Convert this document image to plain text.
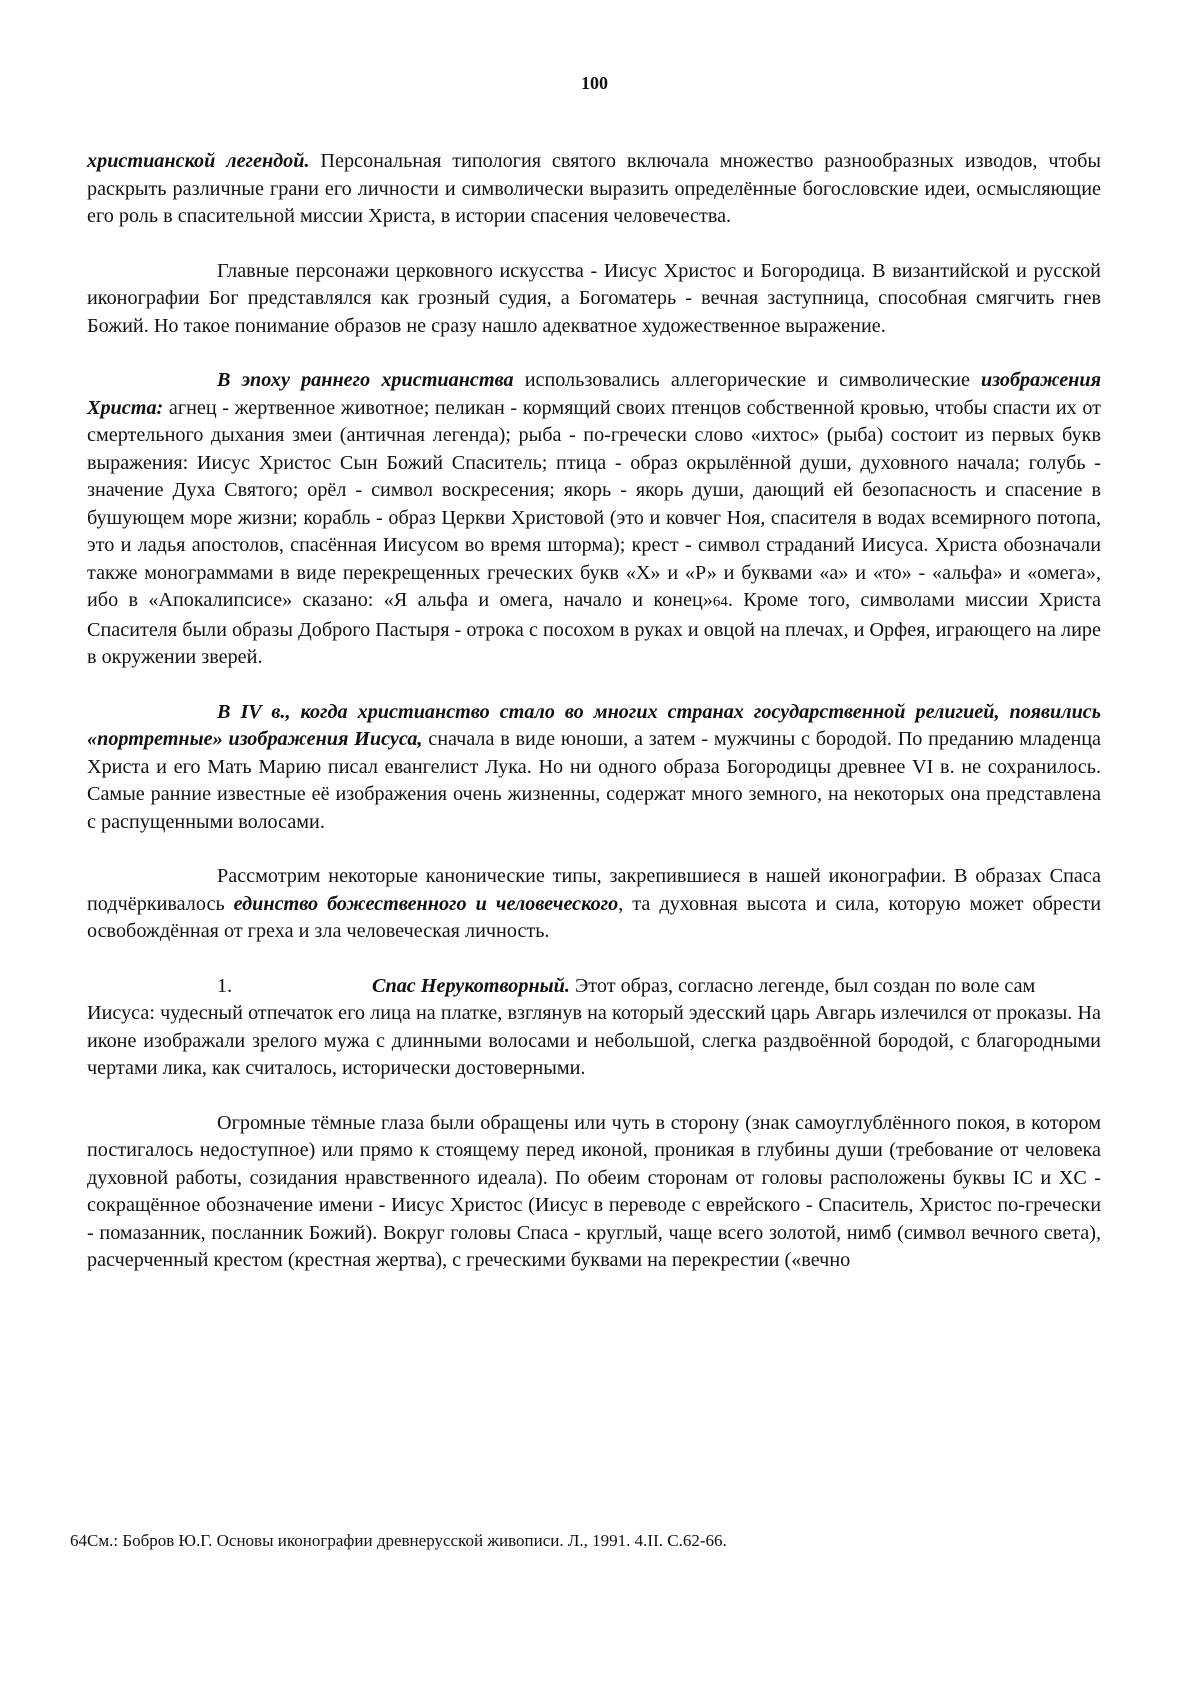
100

христианской легендой. Персональная типология святого включала множество разнообразных изводов, чтобы раскрыть различные грани его личности и символически выразить определённые богословские идеи, осмысляющие его роль в спасительной миссии Христа, в истории спасения человечества.

Главные персонажи церковного искусства - Иисус Христос и Богородица. В византийской и русской иконографии Бог представлялся как грозный судия, а Богоматерь - вечная заступница, способная смягчить гнев Божий. Но такое понимание образов не сразу нашло адекватное художественное выражение.

В эпоху раннего христианства использовались аллегорические и символические изображения Христа: агнец - жертвенное животное; пеликан - кормящий своих птенцов собственной кровью, чтобы спасти их от смертельного дыхания змеи (античная легенда); рыба - по-гречески слово «ихтос» (рыба) состоит из первых букв выражения: Иисус Христос Сын Божий Спаситель; птица - образ окрылённой души, духовного начала; голубь - значение Духа Святого; орёл - символ воскресения; якорь - якорь души, дающий ей безопасность и спасение в бушующем море жизни; корабль - образ Церкви Христовой (это и ковчег Ноя, спасителя в водах всемирного потопа, это и ладья апостолов, спасённая Иисусом во время шторма); крест - символ страданий Иисуса. Христа обозначали также монограммами в виде перекрещенных греческих букв «Х» и «Р» и буквами «а» и «то» - «альфа» и «омега», ибо в «Апокалипсисе» сказано: «Я альфа и омега, начало и конец»64. Кроме того, символами миссии Христа Спасителя были образы Доброго Пастыря - отрока с посохом в руках и овцой на плечах, и Орфея, играющего на лире в окружении зверей.

В IV в., когда христианство стало во многих странах государственной религией, появились «портретные» изображения Иисуса, сначала в виде юноши, а затем - мужчины с бородой. По преданию младенца Христа и его Мать Марию писал евангелист Лука. Но ни одного образа Богородицы древнее VI в. не сохранилось. Самые ранние известные её изображения очень жизненны, содержат много земного, на некоторых она представлена с распущенными волосами.

Рассмотрим некоторые канонические типы, закрепившиеся в нашей иконографии. В образах Спаса подчёркивалось единство божественного и человеческого, та духовная высота и сила, которую может обрести освобождённая от греха и зла человеческая личность.

1.	Спас Нерукотворный. Этот образ, согласно легенде, был создан по воле сам
Иисуса: чудесный отпечаток его лица на платке, взглянув на который эдесский царь Авгарь излечился от проказы. На иконе изображали зрелого мужа с длинными волосами и небольшой, слегка раздвоённой бородой, с благородными чертами лика, как считалось, исторически достоверными.

Огромные тёмные глаза были обращены или чуть в сторону (знак самоуглублённого покоя, в котором постигалось недоступное) или прямо к стоящему перед иконой, проникая в глубины души (требование от человека духовной работы, созидания нравственного идеала). По обеим сторонам от головы расположены буквы IC и XC - сокращённое обозначение имени - Иисус Христос (Иисус в переводе с еврейского - Спаситель, Христос по-гречески - помазанник, посланник Божий). Вокруг головы Спаса - круглый, чаще всего золотой, нимб (символ вечного света), расчерченный крестом (крестная жертва), с греческими буквами на перекрестии («вечно

64См.: Бобров Ю.Г. Основы иконографии древнерусской живописи. Л., 1991. 4.II. С.62-66.
